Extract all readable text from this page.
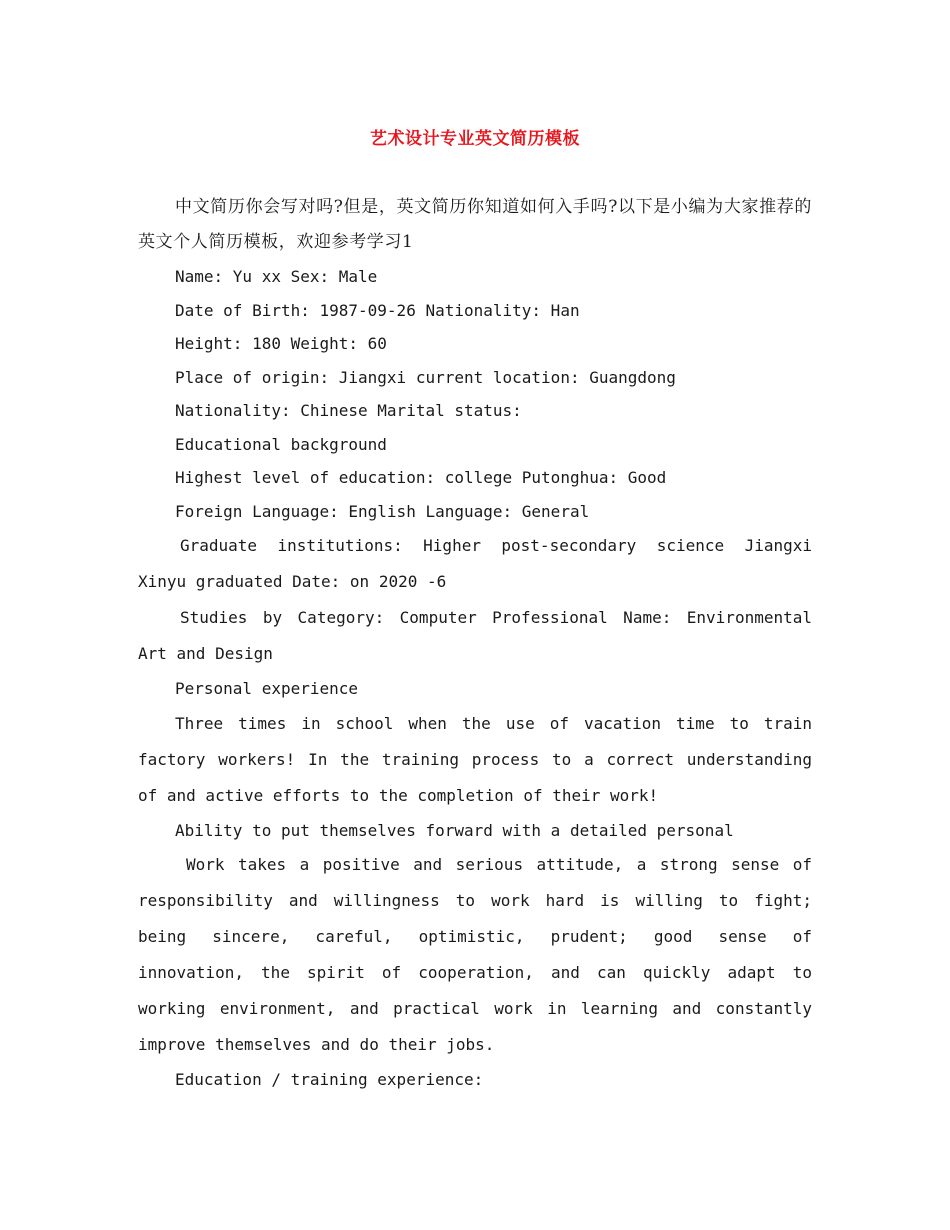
艺术设计专业英文简历模板

中文简历你会写对吗?但是，英文简历你知道如何入手吗?以下是小编为大家推荐的英文个人简历模板，欢迎参考学习1

Name: Yu xx Sex: Male

Date of Birth: 1987-09-26 Nationality: Han

Height: 180 Weight: 60

Place of origin: Jiangxi current location: Guangdong

Nationality: Chinese Marital status:

Educational background

Highest level of education: college Putonghua: Good

Foreign Language: English Language: General

Graduate institutions: Higher post-secondary science Jiangxi Xinyu graduated Date: on 2020 -6

Studies by Category: Computer Professional Name: Environmental Art and Design

Personal experience

Three times in school when the use of vacation time to train factory workers! In the training process to a correct understanding of and active efforts to the completion of their work!

Ability to put themselves forward with a detailed personal

Work takes a positive and serious attitude, a strong sense of responsibility and willingness to work hard is willing to fight; being sincere, careful, optimistic, prudent; good sense of innovation, the spirit of cooperation, and can quickly adapt to working environment, and practical work in learning and constantly improve themselves and do their jobs.

Education / training experience:
